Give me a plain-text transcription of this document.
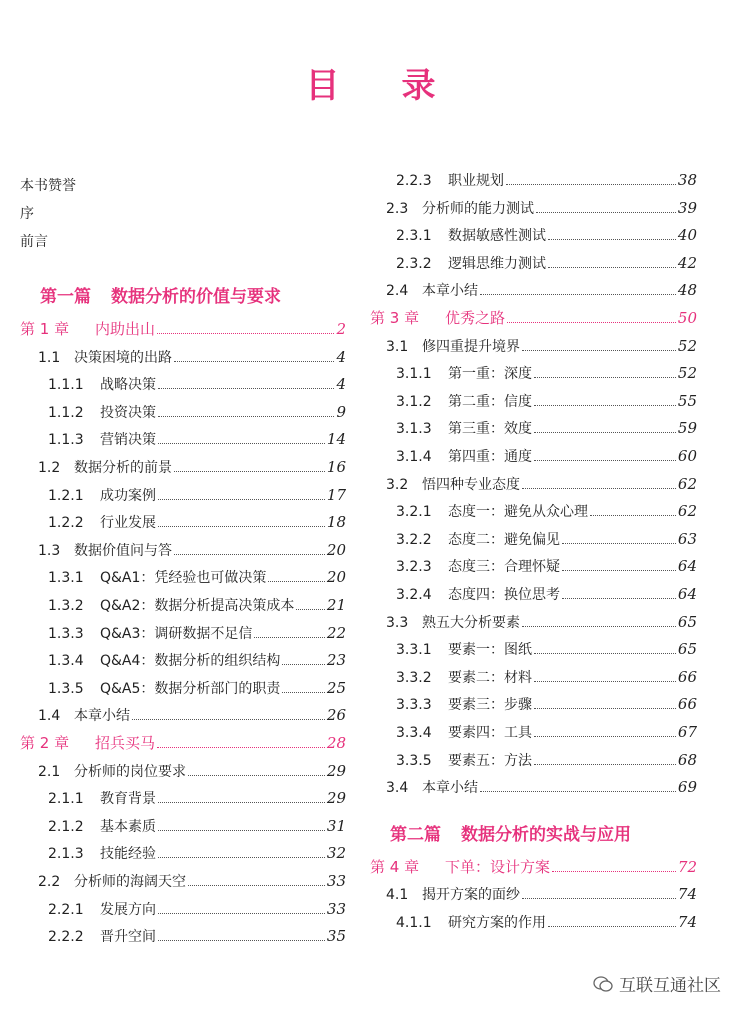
目 录
本书赞誉
序
前言
第一篇 数据分析的价值与要求
第 1 章	内助出山	2
1.1 决策困境的出路	4
1.1.1	战略决策	4
1.1.2	投资决策	9
1.1.3	营销决策	14
1.2 数据分析的前景	16
1.2.1	成功案例	17
1.2.2	行业发展	18
1.3 数据价值问与答	20
1.3.1	Q&A1：凭经验也可做决策	20
1.3.2	Q&A2：数据分析提高决策成本 21
1.3.3	Q&A3：调研数据不足信	22
1.3.4	Q&A4：数据分析的组织结构	23
1.3.5	Q&A5：数据分析部门的职责	25
1.4 本章小结	26
第 2 章	招兵买马	28
2.1 分析师的岗位要求	29
2.1.1	教育背景	29
2.1.2	基本素质	31
2.1.3	技能经验	32
2.2 分析师的海阔天空	33
2.2.1	发展方向	33
2.2.2	晋升空间	35
2.2.3	职业规划	38
2.3 分析师的能力测试	39
2.3.1	数据敏感性测试	40
2.3.2	逻辑思维力测试	42
2.4 本章小结	48
第 3 章	优秀之路	50
3.1 修四重提升境界	52
3.1.1	第一重：深度	52
3.1.2	第二重：信度	55
3.1.3	第三重：效度	59
3.1.4	第四重：通度	60
3.2 悟四种专业态度	62
3.2.1	态度一：避免从众心理	62
3.2.2	态度二：避免偏见	63
3.2.3	态度三：合理怀疑	64
3.2.4	态度四：换位思考	64
3.3 熟五大分析要素	65
3.3.1	要素一：图纸	65
3.3.2	要素二：材料	66
3.3.3	要素三：步骤	66
3.3.4	要素四：工具	67
3.3.5	要素五：方法	68
3.4 本章小结	69
第二篇 数据分析的实战与应用
第 4 章	下单：设计方案	72
4.1 揭开方案的面纱	74
4.1.1	研究方案的作用	74
互联互通社区
